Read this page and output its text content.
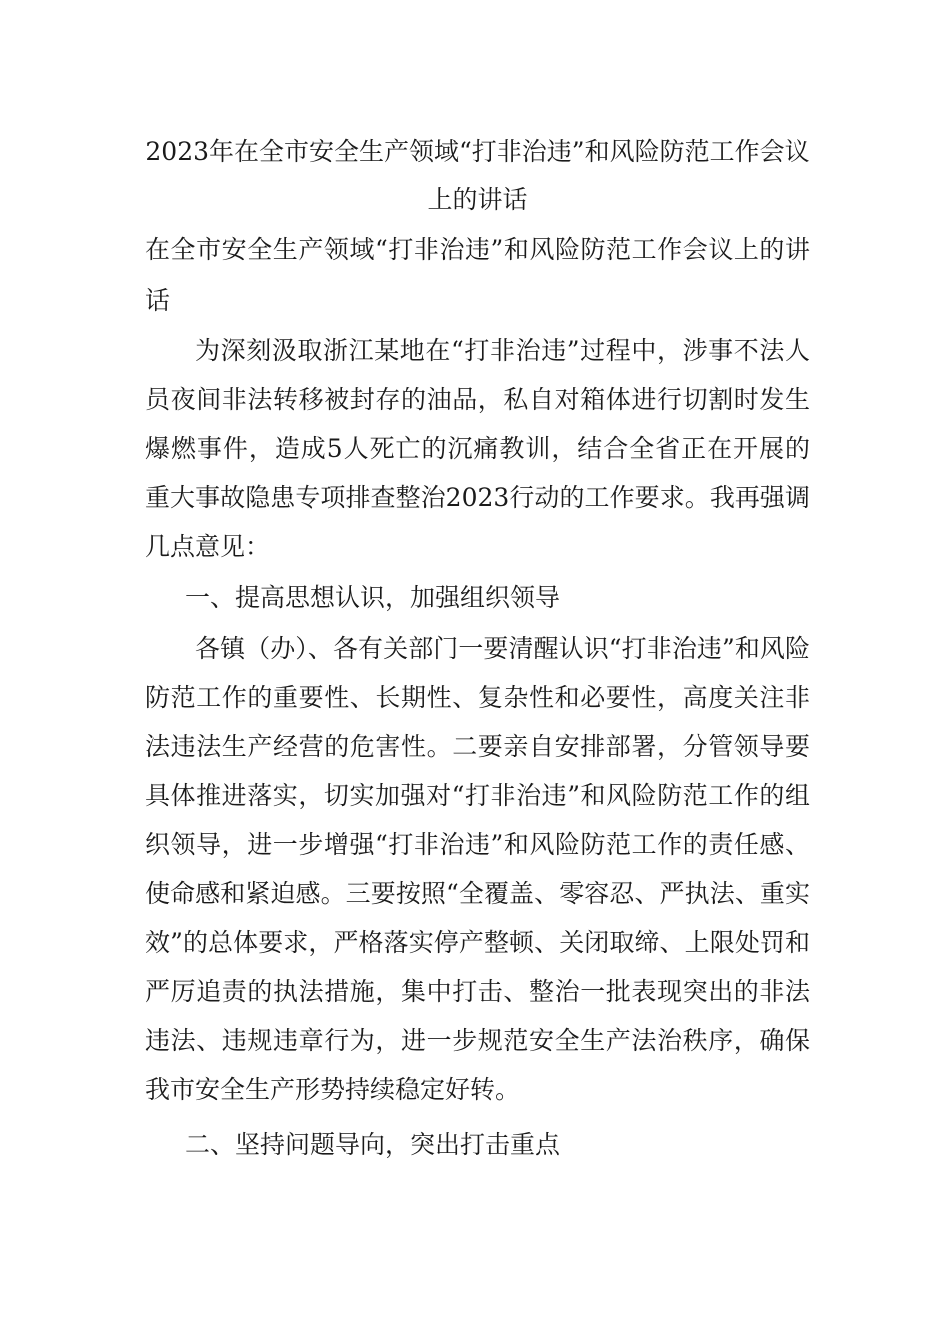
2023年在全市安全生产领域“打非治违”和风险防范工作会议上的讲话

在全市安全生产领域“打非治违”和风险防范工作会议上的讲话

为深刻汲取浙江某地在“打非治违”过程中，涉事不法人员夜间非法转移被封存的油品，私自对箱体进行切割时发生爆燃事件，造成5人死亡的沉痛教训，结合全省正在开展的重大事故隐患专项排查整治2023行动的工作要求。我再强调几点意见：

一、提高思想认识，加强组织领导

各镇（办）、各有关部门一要清醒认识“打非治违”和风险防范工作的重要性、长期性、复杂性和必要性，高度关注非法违法生产经营的危害性。二要亲自安排部署，分管领导要具体推进落实，切实加强对“打非治违”和风险防范工作的组织领导，进一步增强“打非治违”和风险防范工作的责任感、使命感和紧迫感。三要按照“全覆盖、零容忍、严执法、重实效”的总体要求，严格落实停产整顿、关闭取缔、上限处罚和严厉追责的执法措施，集中打击、整治一批表现突出的非法违法、违规违章行为，进一步规范安全生产法治秩序，确保我市安全生产形势持续稳定好转。

二、坚持问题导向，突出打击重点
